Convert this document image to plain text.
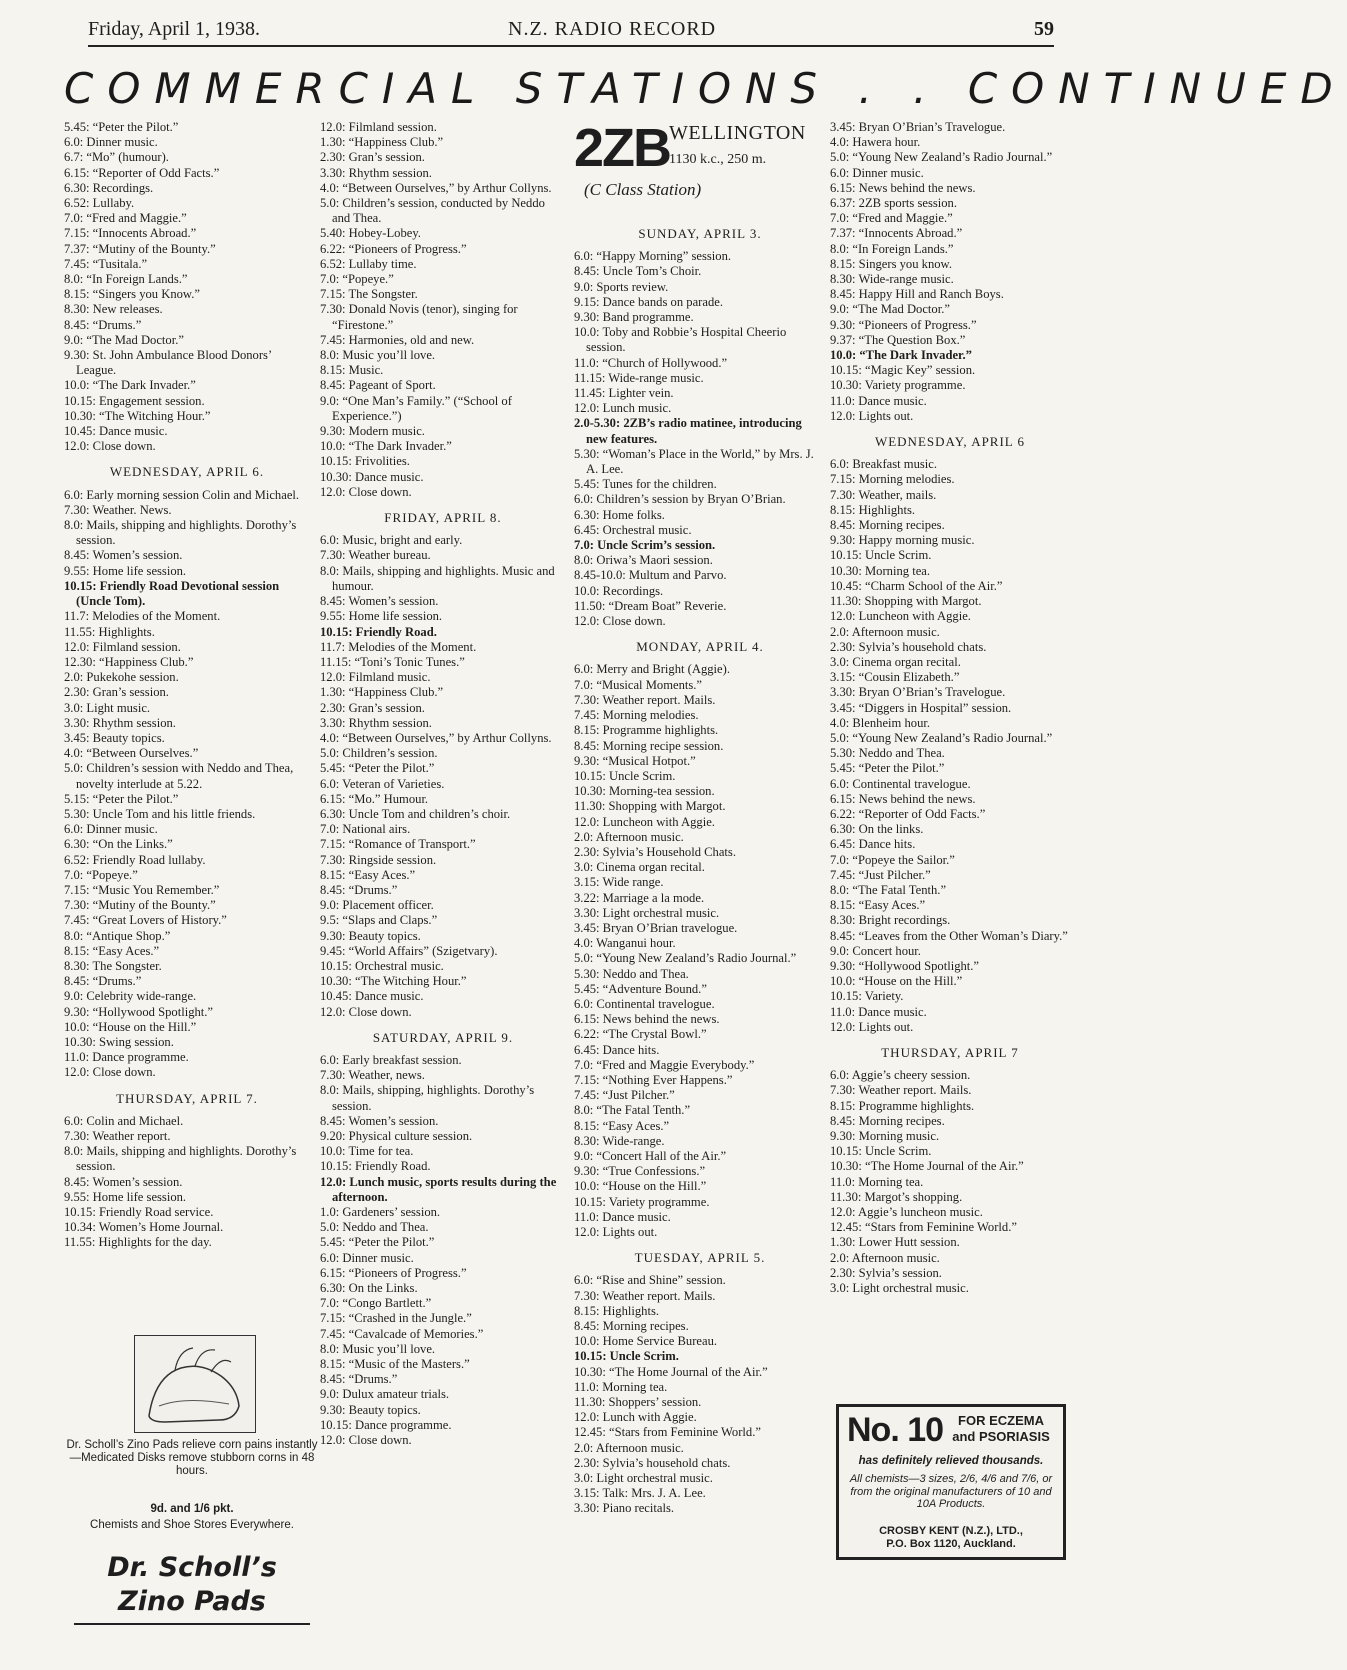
Friday, April 1, 1938.	N.Z. RADIO RECORD	59
COMMERCIAL STATIONS . . CONTINUED
5.45: “Peter the Pilot.”
6.0: Dinner music.
6.7: “Mo” (humour).
6.15: “Reporter of Odd Facts.”
6.30: Recordings.
6.52: Lullaby.
7.0: “Fred and Maggie.”
7.15: “Innocents Abroad.”
7.37: “Mutiny of the Bounty.”
7.45: “Tusitala.”
8.0: “In Foreign Lands.”
8.15: “Singers you Know.”
8.30: New releases.
8.45: “Drums.”
9.0: “The Mad Doctor.”
9.30: St. John Ambulance Blood Donors’ League.
10.0: “The Dark Invader.”
10.15: Engagement session.
10.30: “The Witching Hour.”
10.45: Dance music.
12.0: Close down.
WEDNESDAY, APRIL 6.
6.0: Early morning session Colin and Michael.
7.30: Weather. News.
8.0: Mails, shipping and highlights. Dorothy’s session.
8.45: Women’s session.
9.55: Home life session.
10.15: Friendly Road Devotional session (Uncle Tom).
11.7: Melodies of the Moment.
11.55: Highlights.
12.0: Filmland session.
12.30: “Happiness Club.”
2.0: Pukekohe session.
2.30: Gran’s session.
3.0: Light music.
3.30: Rhythm session.
3.45: Beauty topics.
4.0: “Between Ourselves.”
5.0: Children’s session with Neddo and Thea, novelty interlude at 5.22.
5.15: “Peter the Pilot.”
5.30: Uncle Tom and his little friends.
6.0: Dinner music.
6.30: “On the Links.”
6.52: Friendly Road lullaby.
7.0: “Popeye.”
7.15: “Music You Remember.”
7.30: “Mutiny of the Bounty.”
7.45: “Great Lovers of History.”
8.0: “Antique Shop.”
8.15: “Easy Aces.”
8.30: The Songster.
8.45: “Drums.”
9.0: Celebrity wide-range.
9.30: “Hollywood Spotlight.”
10.0: “House on the Hill.”
10.30: Swing session.
11.0: Dance programme.
12.0: Close down.
THURSDAY, APRIL 7.
6.0: Colin and Michael.
7.30: Weather report.
8.0: Mails, shipping and highlights. Dorothy’s session.
8.45: Women’s session.
9.55: Home life session.
10.15: Friendly Road service.
10.34: Women’s Home Journal.
11.55: Highlights for the day.
12.0: Filmland session.
1.30: “Happiness Club.”
2.30: Gran’s session.
3.30: Rhythm session.
4.0: “Between Ourselves,” by Arthur Collyns.
5.0: Children’s session, conducted by Neddo and Thea.
5.40: Hobey-Lobey.
6.22: “Pioneers of Progress.”
6.52: Lullaby time.
7.0: “Popeye.”
7.15: The Songster.
7.30: Donald Novis (tenor), singing for “Firestone.”
7.45: Harmonies, old and new.
8.0: Music you’ll love.
8.15: Music.
8.45: Pageant of Sport.
9.0: “One Man’s Family.” (“School of Experience.”)
9.30: Modern music.
10.0: “The Dark Invader.”
10.15: Frivolities.
10.30: Dance music.
12.0: Close down.
FRIDAY, APRIL 8.
6.0: Music, bright and early.
7.30: Weather bureau.
8.0: Mails, shipping and highlights. Music and humour.
8.45: Women’s session.
9.55: Home life session.
10.15: Friendly Road.
11.7: Melodies of the Moment.
11.15: “Toni’s Tonic Tunes.”
12.0: Filmland music.
1.30: “Happiness Club.”
2.30: Gran’s session.
3.30: Rhythm session.
4.0: “Between Ourselves,” by Arthur Collyns.
5.0: Children’s session.
5.45: “Peter the Pilot.”
6.0: Veteran of Varieties.
6.15: “Mo.” Humour.
6.30: Uncle Tom and children’s choir.
7.0: National airs.
7.15: “Romance of Transport.”
7.30: Ringside session.
8.15: “Easy Aces.”
8.45: “Drums.”
9.0: Placement officer.
9.5: “Slaps and Claps.”
9.30: Beauty topics.
9.45: “World Affairs” (Szigetvary).
10.15: Orchestral music.
10.30: “The Witching Hour.”
10.45: Dance music.
12.0: Close down.
SATURDAY, APRIL 9.
6.0: Early breakfast session.
7.30: Weather, news.
8.0: Mails, shipping, highlights. Dorothy’s session.
8.45: Women’s session.
9.20: Physical culture session.
10.0: Time for tea.
10.15: Friendly Road.
12.0: Lunch music, sports results during the afternoon.
1.0: Gardeners’ session.
5.0: Neddo and Thea.
5.45: “Peter the Pilot.”
6.0: Dinner music.
6.15: “Pioneers of Progress.”
6.30: On the Links.
7.0: “Congo Bartlett.”
7.15: “Crashed in the Jungle.”
7.45: “Cavalcade of Memories.”
8.0: Music you’ll love.
8.15: “Music of the Masters.”
8.45: “Drums.”
9.0: Dulux amateur trials.
9.30: Beauty topics.
10.15: Dance programme.
12.0: Close down.
2ZB
WELLINGTON
1130 k.c., 250 m.
(C Class Station)
SUNDAY, APRIL 3.
6.0: “Happy Morning” session.
8.45: Uncle Tom’s Choir.
9.0: Sports review.
9.15: Dance bands on parade.
9.30: Band programme.
10.0: Toby and Robbie’s Hospital Cheerio session.
11.0: “Church of Hollywood.”
11.15: Wide-range music.
11.45: Lighter vein.
12.0: Lunch music.
2.0-5.30: 2ZB’s radio matinee, introducing new features.
5.30: “Woman’s Place in the World,” by Mrs. J. A. Lee.
5.45: Tunes for the children.
6.0: Children’s session by Bryan O’Brian.
6.30: Home folks.
6.45: Orchestral music.
7.0: Uncle Scrim’s session.
8.0: Oriwa’s Maori session.
8.45-10.0: Multum and Parvo.
10.0: Recordings.
11.50: “Dream Boat” Reverie.
12.0: Close down.
MONDAY, APRIL 4.
6.0: Merry and Bright (Aggie).
7.0: “Musical Moments.”
7.30: Weather report. Mails.
7.45: Morning melodies.
8.15: Programme highlights.
8.45: Morning recipe session.
9.30: “Musical Hotpot.”
10.15: Uncle Scrim.
10.30: Morning-tea session.
11.30: Shopping with Margot.
12.0: Luncheon with Aggie.
2.0: Afternoon music.
2.30: Sylvia’s Household Chats.
3.0: Cinema organ recital.
3.15: Wide range.
3.22: Marriage a la mode.
3.30: Light orchestral music.
3.45: Bryan O’Brian travelogue.
4.0: Wanganui hour.
5.0: “Young New Zealand’s Radio Journal.”
5.30: Neddo and Thea.
5.45: “Adventure Bound.”
6.0: Continental travelogue.
6.15: News behind the news.
6.22: “The Crystal Bowl.”
6.45: Dance hits.
7.0: “Fred and Maggie Everybody.”
7.15: “Nothing Ever Happens.”
7.45: “Just Pilcher.”
8.0: “The Fatal Tenth.”
8.15: “Easy Aces.”
8.30: Wide-range.
9.0: “Concert Hall of the Air.”
9.30: “True Confessions.”
10.0: “House on the Hill.”
10.15: Variety programme.
11.0: Dance music.
12.0: Lights out.
TUESDAY, APRIL 5.
6.0: “Rise and Shine” session.
7.30: Weather report. Mails.
8.15: Highlights.
8.45: Morning recipes.
10.0: Home Service Bureau.
10.15: Uncle Scrim.
10.30: “The Home Journal of the Air.”
11.0: Morning tea.
11.30: Shoppers’ session.
12.0: Lunch with Aggie.
12.45: “Stars from Feminine World.”
2.0: Afternoon music.
2.30: Sylvia’s household chats.
3.0: Light orchestral music.
3.15: Talk: Mrs. J. A. Lee.
3.30: Piano recitals.
3.45: Bryan O’Brian’s Travelogue.
4.0: Hawera hour.
5.0: “Young New Zealand’s Radio Journal.”
6.0: Dinner music.
6.15: News behind the news.
6.37: 2ZB sports session.
7.0: “Fred and Maggie.”
7.37: “Innocents Abroad.”
8.0: “In Foreign Lands.”
8.15: Singers you know.
8.30: Wide-range music.
8.45: Happy Hill and Ranch Boys.
9.0: “The Mad Doctor.”
9.30: “Pioneers of Progress.”
9.37: “The Question Box.”
10.0: “The Dark Invader.”
10.15: “Magic Key” session.
10.30: Variety programme.
11.0: Dance music.
12.0: Lights out.
WEDNESDAY, APRIL 6
6.0: Breakfast music.
7.15: Morning melodies.
7.30: Weather, mails.
8.15: Highlights.
8.45: Morning recipes.
9.30: Happy morning music.
10.15: Uncle Scrim.
10.30: Morning tea.
10.45: “Charm School of the Air.”
11.30: Shopping with Margot.
12.0: Luncheon with Aggie.
2.0: Afternoon music.
2.30: Sylvia’s household chats.
3.0: Cinema organ recital.
3.15: “Cousin Elizabeth.”
3.30: Bryan O’Brian’s Travelogue.
3.45: “Diggers in Hospital” session.
4.0: Blenheim hour.
5.0: “Young New Zealand’s Radio Journal.”
5.30: Neddo and Thea.
5.45: “Peter the Pilot.”
6.0: Continental travelogue.
6.15: News behind the news.
6.22: “Reporter of Odd Facts.”
6.30: On the links.
6.45: Dance hits.
7.0: “Popeye the Sailor.”
7.45: “Just Pilcher.”
8.0: “The Fatal Tenth.”
8.15: “Easy Aces.”
8.30: Bright recordings.
8.45: “Leaves from the Other Woman’s Diary.”
9.0: Concert hour.
9.30: “Hollywood Spotlight.”
10.0: “House on the Hill.”
10.15: Variety.
11.0: Dance music.
12.0: Lights out.
THURSDAY, APRIL 7
6.0: Aggie’s cheery session.
7.30: Weather report. Mails.
8.15: Programme highlights.
8.45: Morning recipes.
9.30: Morning music.
10.15: Uncle Scrim.
10.30: “The Home Journal of the Air.”
11.0: Morning tea.
11.30: Margot’s shopping.
12.0: Aggie’s luncheon music.
12.45: “Stars from Feminine World.”
1.30: Lower Hutt session.
2.0: Afternoon music.
2.30: Sylvia’s session.
3.0: Light orchestral music.
Dr. Scholl’s Zino Pads relieve corn pains instantly—Medicated Disks remove stubborn corns in 48 hours.
9d. and 1/6 pkt.
Chemists and Shoe Stores Everywhere.
Dr. Scholl’s
Zino Pads
No. 10	FOR ECZEMA
and PSORIASIS
has definitely relieved thousands.
All chemists—3 sizes, 2/6, 4/6 and 7/6, or from the original manufacturers of 10 and 10A Products.
CROSBY KENT (N.Z.), LTD.,
P.O. Box 1120, Auckland.
